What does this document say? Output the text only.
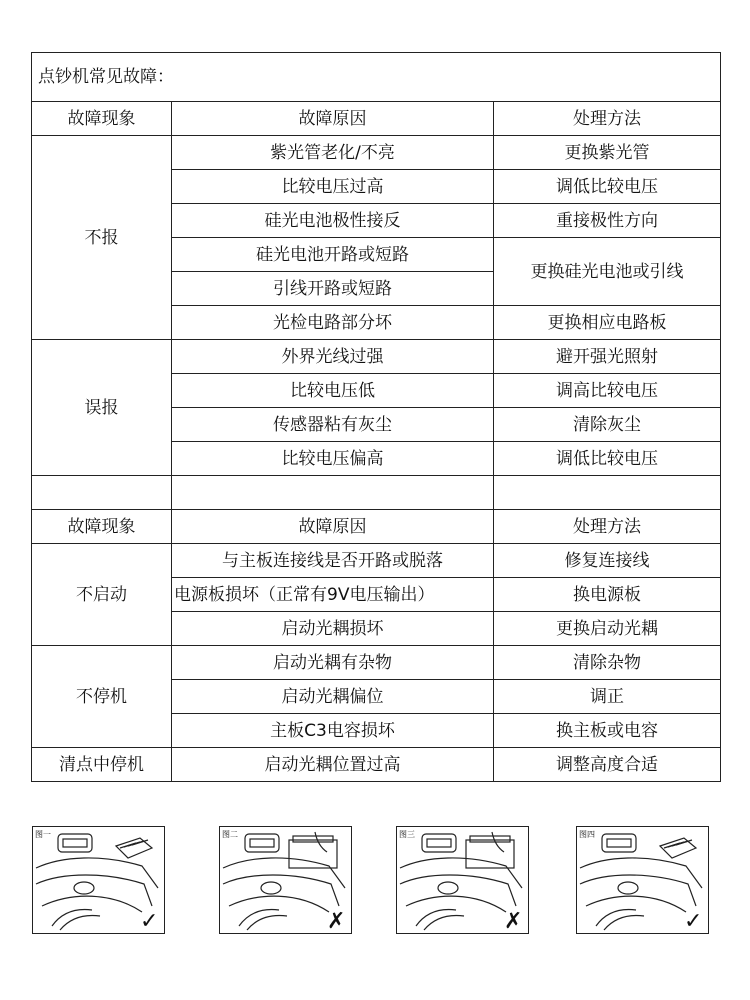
点钞机常见故障：		
故障现象	故障原因	处理方法
不报	紫光管老化/不亮	更换紫光管
	比较电压过高	调低比较电压
	硅光电池极性接反	重接极性方向
	硅光电池开路或短路	更换硅光电池或引线
	引线开路或短路	
	光检电路部分坏	更换相应电路板
误报	外界光线过强	避开强光照射
	比较电压低	调高比较电压
	传感器粘有灰尘	清除灰尘
	比较电压偏高	调低比较电压

故障现象	故障原因	处理方法
不启动	与主板连接线是否开路或脱落	修复连接线
	电源板损坏（正常有9V电压输出）	换电源板
	启动光耦损坏	更换启动光耦
不停机	启动光耦有杂物	清除杂物
	启动光耦偏位	调正
	主板C3电容损坏	换主板或电容
清点中停机	启动光耦位置过高	调整高度合适
图一
✓
图二
✗
图三
✗
图四
✓
